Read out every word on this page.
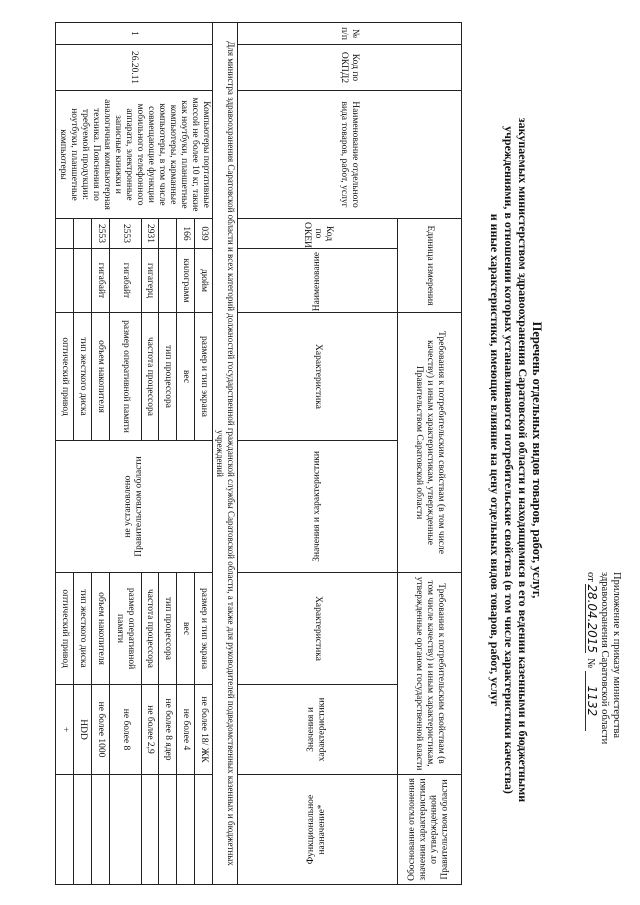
Приложение к приказу министерства
здравоохранения Саратовской области
от 28.04.2015  № 1132
Перечень отдельных видов товаров, работ, услуг,
закупаемых министерством здравоохранения Саратовской области и находящимися в его ведении казенными и бюджетными
учреждениями, в отношении которых устанавливаются потребительские свойства (в том числе характеристики качества)
и иные характеристики, имеющие влияние на цену отдельных видов товаров, работ, услуг
№ п/п	Код по ОКПД2	Наименование отдельного вида товаров, работ, услуг	Единица измерения		Требования к потребительским свойствам (в том числе качеству) и иным характеристикам, утвержденные Правительством Саратовской области		Требования к потребительским свойствам (в том числе качеству) и иным характеристикам, утвержденные органом государственной власти		Обоснование отклонения значения характеристики от утвержденной Правительством области
			Код по ОКЕИ	Наименование	Характеристика	Значения и характеристики	Характеристика	Значения и характеристики	Функциональное назначение*
Для министра здравоохранения Саратовской области и всех категорий должностей государственной гражданской службы Саратовской области, а также для руководителей подведомственных казенных и бюджетных учреждений									
1	26.20.11	Компьютеры портативные массой не более 10 кг, такие как ноутбуки, планшетные компьютеры, карманные компьютеры, в том числе совмещающие функции мобильного телефонного аппарата, электронные записные книжки и аналогичная компьютерная техника. Пояснения по требуемой продукции: ноутбуки, планшетные компьютеры	039	дюйм	размер и тип экрана	не установлено Правительством области	размер и тип экрана	не более 18/ ЖК	
			166	килограмм	вес		вес	не более 4	
					тип процессора		тип процессора	не более 8 ядер	
			2931	гигагерц	частота процессора		частота процессора	не более 2,9	
			2553	гигабайт	размер оперативной памяти		размер оперативной памяти	не более 8	
			2553	гигабайт	объем накопителя		объем накопителя	не более 1000	
					тип жесткого диска		тип жесткого диска	HDD	
					оптический привод		оптический привод	+	
